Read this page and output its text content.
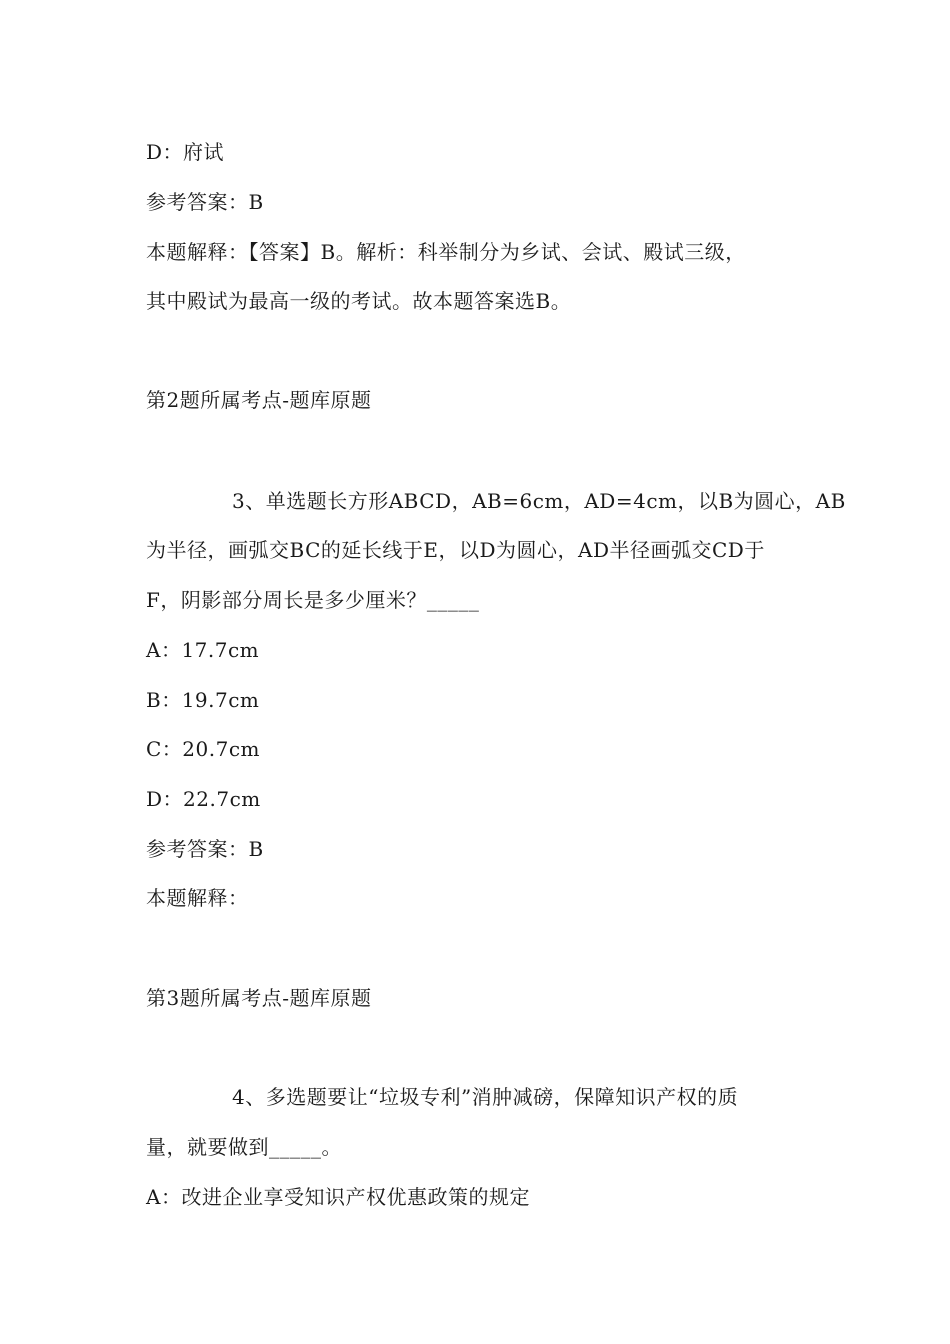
D：府试
参考答案：B
本题解释：【答案】B。解析：科举制分为乡试、会试、殿试三级，
其中殿试为最高一级的考试。故本题答案选B。
第2题所属考点-题库原题
3、单选题长方形ABCD，AB=6cm，AD=4cm，以B为圆心，AB
为半径，画弧交BC的延长线于E，以D为圆心，AD半径画弧交CD于
F，阴影部分周长是多少厘米？_____
A：17.7cm
B：19.7cm
C：20.7cm
D：22.7cm
参考答案：B
本题解释：
第3题所属考点-题库原题
4、多选题要让“垃圾专利”消肿减磅，保障知识产权的质
量，就要做到_____。
A：改进企业享受知识产权优惠政策的规定
